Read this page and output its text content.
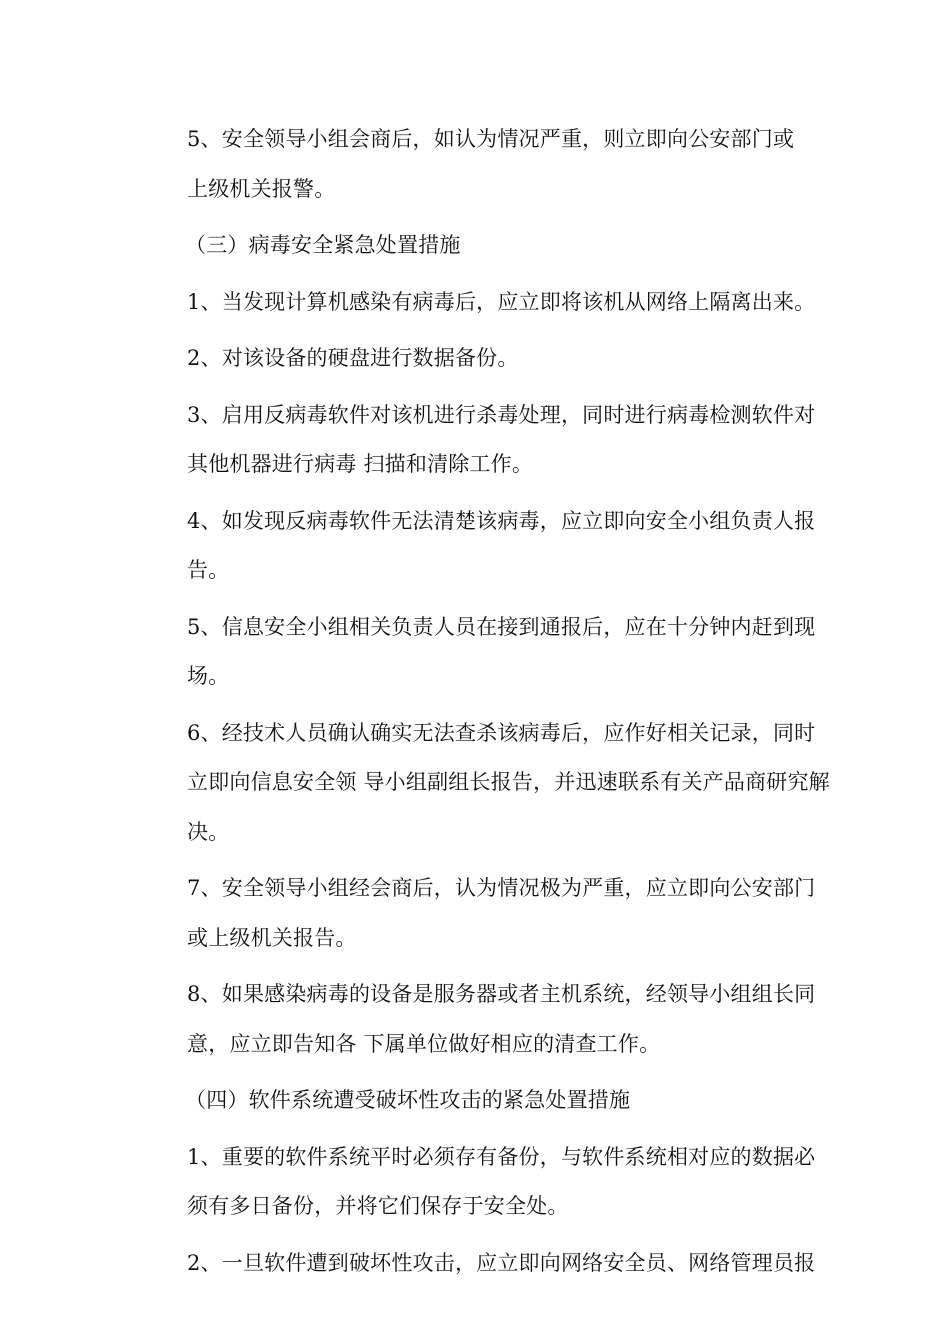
5、安全领导小组会商后，如认为情况严重，则立即向公安部门或
上级机关报警。

（三）病毒安全紧急处置措施

1、当发现计算机感染有病毒后，应立即将该机从网络上隔离出来。

2、对该设备的硬盘进行数据备份。

3、启用反病毒软件对该机进行杀毒处理，同时进行病毒检测软件对
其他机器进行病毒 扫描和清除工作。

4、如发现反病毒软件无法清楚该病毒，应立即向安全小组负责人报
告。

5、信息安全小组相关负责人员在接到通报后，应在十分钟内赶到现
场。

6、经技术人员确认确实无法查杀该病毒后，应作好相关记录，同时
立即向信息安全领 导小组副组长报告，并迅速联系有关产品商研究解
决。

7、安全领导小组经会商后，认为情况极为严重，应立即向公安部门
或上级机关报告。

8、如果感染病毒的设备是服务器或者主机系统，经领导小组组长同
意，应立即告知各 下属单位做好相应的清查工作。

（四）软件系统遭受破坏性攻击的紧急处置措施

1、重要的软件系统平时必须存有备份，与软件系统相对应的数据必
须有多日备份，并将它们保存于安全处。

2、一旦软件遭到破坏性攻击，应立即向网络安全员、网络管理员报
